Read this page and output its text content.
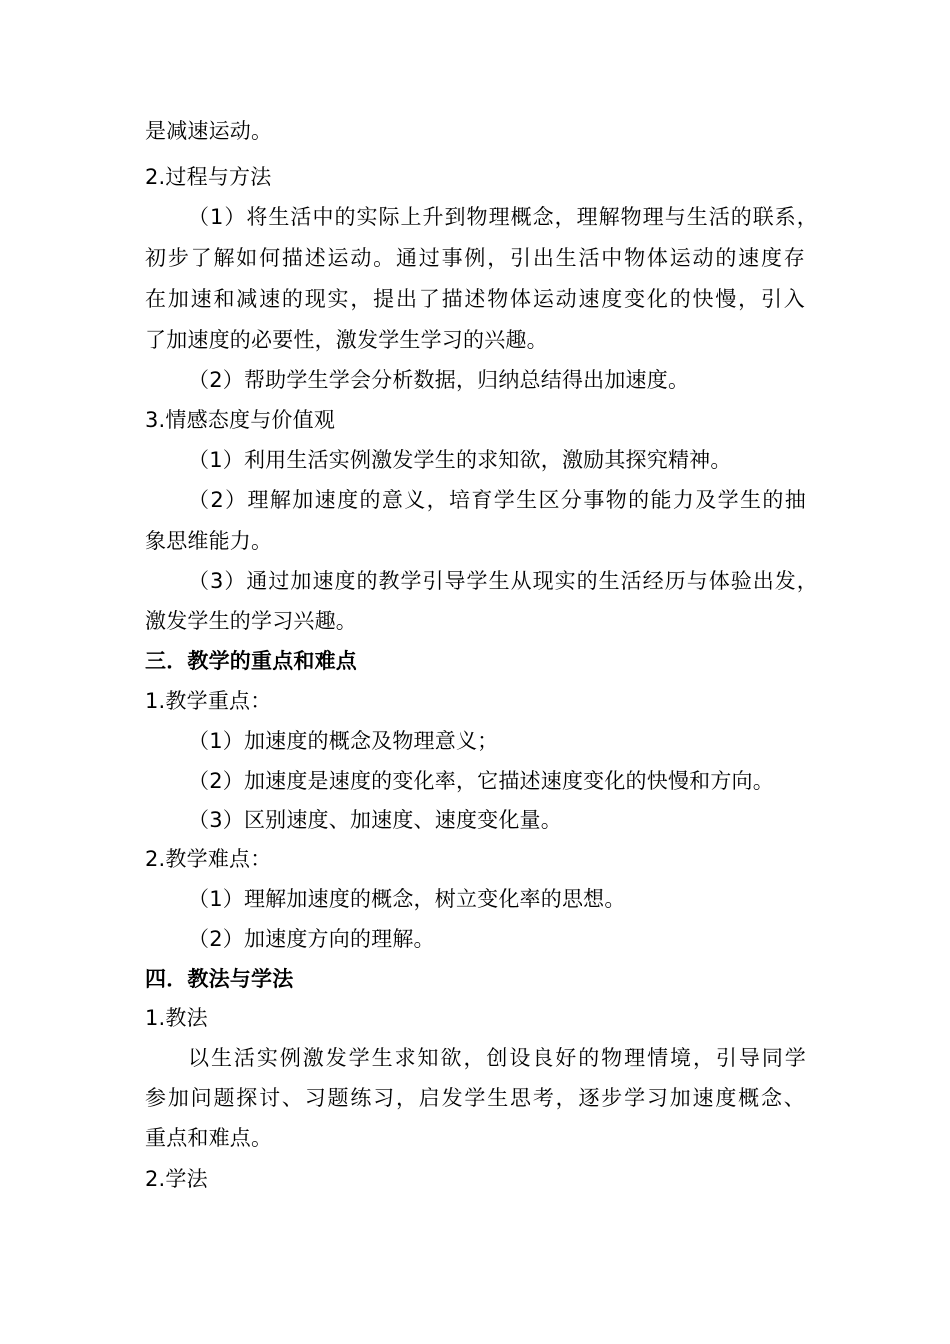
是减速运动。
2.过程与方法
（1）将生活中的实际上升到物理概念，理解物理与生活的联系，
初步了解如何描述运动。通过事例，引出生活中物体运动的速度存
在加速和减速的现实，提出了描述物体运动速度变化的快慢，引入
了加速度的必要性，激发学生学习的兴趣。
（2）帮助学生学会分析数据，归纳总结得出加速度。
3.情感态度与价值观
（1）利用生活实例激发学生的求知欲，激励其探究精神。
（2）理解加速度的意义，培育学生区分事物的能力及学生的抽
象思维能力。
（3）通过加速度的教学引导学生从现实的生活经历与体验出发，
激发学生的学习兴趣。
三．教学的重点和难点
1.教学重点：
（1）加速度的概念及物理意义；
（2）加速度是速度的变化率，它描述速度变化的快慢和方向。
（3）区别速度、加速度、速度变化量。
2.教学难点：
（1）理解加速度的概念，树立变化率的思想。
（2）加速度方向的理解。
四．教法与学法
1.教法
以生活实例激发学生求知欲，创设良好的物理情境，引导同学
参加问题探讨、习题练习，启发学生思考，逐步学习加速度概念、
重点和难点。
2.学法
